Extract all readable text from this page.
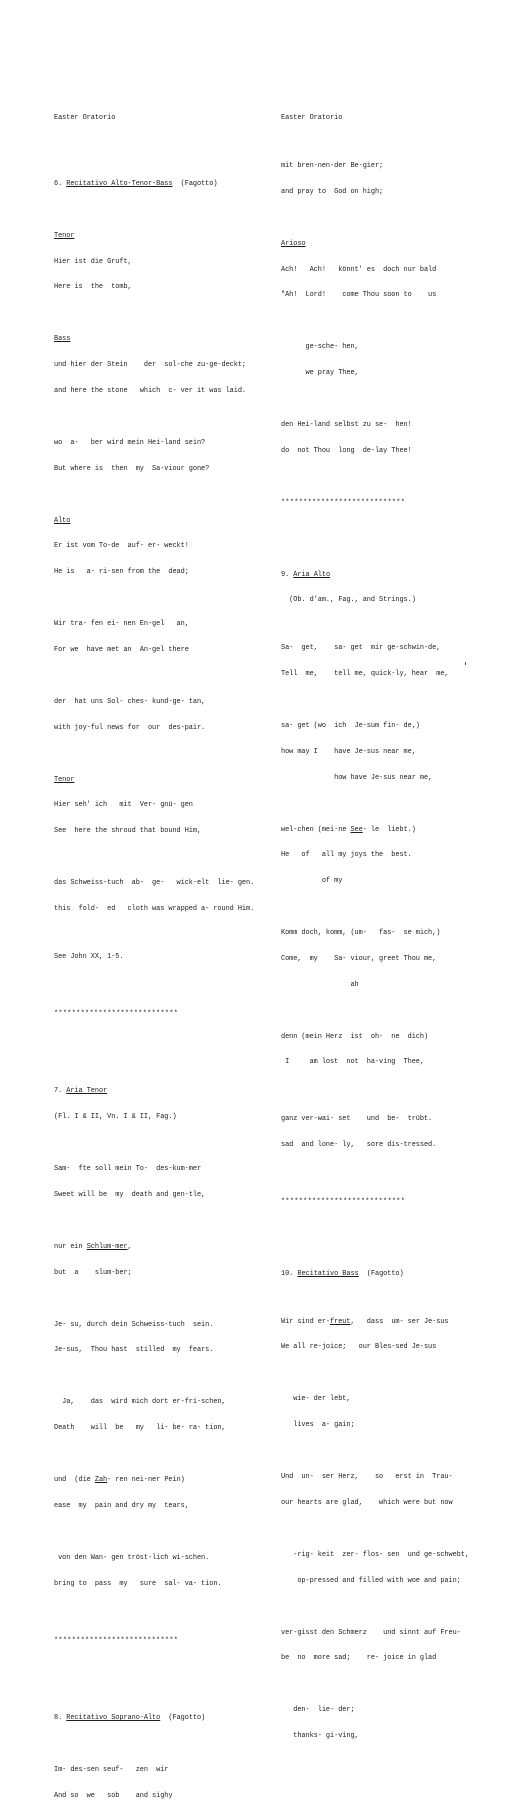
Easter Oratorio

6. Recitativo Alto-Tenor-Bass (Fagotto)

Tenor

Hier ist die Gruft,

Here is  the  tomb,

Bass

und hier der Stein    der  sol-che zu-ge-deckt;

and here the stone   which  c- ver it was laid.

wo  a-   ber wird mein Hei-land sein?

But where is  then  my  Sa-viour gone?

Alto

Er ist vom To-de  auf- er- weckt!

He is   a- ri-sen from the  dead;

Wir tra- fen ei- nen En-gel   an,

For we  have met an  An-gel there

der  hat uns Sol- ches- kund-ge- tan,

with joy-ful news for  our  des-pair.

Tenor

Hier seh' ich   mit  Ver- gnü- gen

See  here the shroud that bound Him,

das Schweiss-tuch  ab-  ge-   wick-elt  lie- gen.

this  fold-  ed   cloth was wrapped a- round Him.

See John XX, 1-5.

****************************

7. Aria Tenor

(Fl. I & II, Vn. I & II, Fag.)

Sam-  fte soll mein To-  des-kum-mer

Sweet will be  my  death and gen-tle,

nur ein Schlum-mer,

but  a    slum-ber;

Je- su, durch dein Schweiss-tuch  sein.

Je-sus,  Thou hast  stilled  my  fears.

Ja,    das  wird mich dort er-fri-schen,

Death    will  be   my   li- be- ra- tion,

und  (die Zah- ren nei-ner Pein)

ease  my  pain and dry my  tears,

von den Wan- gen tröst-lich wi-schen.

bring to  pass  my   sure  sal- va- tion.

****************************

8. Recitativo Soprano-Alto (Fagotto)

Im- des-sen seuf-   zen  wir

And so  we   sob    and sighy

Easter Oratorio

mit bren-nen-der Be-gier;

and pray to  God on high;

Arioso

Ach!   Ach!   könnt' es  doch nur bald

"Ah!  Lord!    come Thou soon to    us

ge-sche- hen,

we pray Thee,

den Hei-land selbst zu se-  hen!

do  not Thou  long  de-lay Thee!

****************************

9. Aria Alto

(Ob. d'am., Fag., and Strings.)

Sa-  get,    sa- get  mir ge-schwin-de,

Tell  me,    tell me, quick-ly, hear  me,

sa- get (wo  ich  Je-sum fin- de,)

how may I    have Je-sus near me,

how have Je-sus near me,

wel-chen (mei-ne See- le  liebt.)

He   of   all my joys the  best.

of my

Komm doch, komm, (um-   fas-  se mich,)

Come,  my    Sa- viour, greet Thou me,

ah

denn (mein Herz  ist  oh-  ne  dich)

I     am lost  not  ha-ving  Thee,

ganz ver-wai- set    und  be-  trübt.

sad  and lone- ly,   sore dis-tressed.

****************************

10. Recitativo Bass (Fagotto)

Wir sind er-freut,   dass  um- ser Je-sus

We all re-joice;   our Bles-sed Je-sus

wie- der lebt,

lives  a- gain;

Und  un-  ser Herz,    so   erst in  Trau-

our hearts are glad,    which were but now

-rig- keit  zer- flos- sen  und ge-schwebt,

op-pressed and filled with woe and pain;

ver-gisst den Schmerz    und sinnt auf Freu-

be  no  more sad;    re- joice in glad

den-  lie- der;

thanks- gi-ving,
